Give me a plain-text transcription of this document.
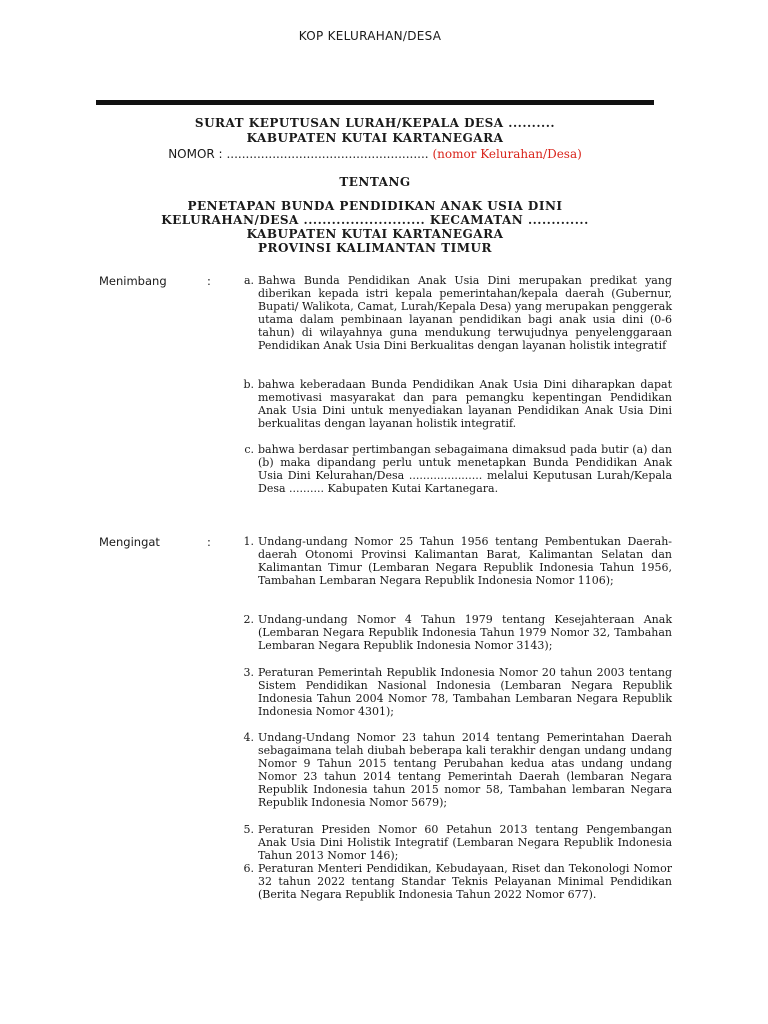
KOP KELURAHAN/DESA
SURAT KEPUTUSAN LURAH/KEPALA DESA ..........
KABUPATEN KUTAI KARTANEGARA
NOMOR : ..................................................... (nomor Kelurahan/Desa)
TENTANG
PENETAPAN BUNDA PENDIDIKAN ANAK USIA DINI
KELURAHAN/DESA .......................... KECAMATAN .............
KABUPATEN KUTAI KARTANEGARA
PROVINSI KALIMANTAN TIMUR
Menimbang	:	a. Bahwa Bunda Pendidikan Anak Usia Dini merupakan predikat yang diberikan kepada istri kepala pemerintahan/kepala daerah (Gubernur, Bupati/ Walikota, Camat, Lurah/Kepala Desa) yang merupakan penggerak utama dalam pembinaan layanan pendidikan bagi anak usia dini (0-6 tahun) di wilayahnya guna mendukung terwujudnya penyelenggaraan Pendidikan Anak Usia Dini Berkualitas dengan layanan holistik integratif
b. bahwa keberadaan Bunda Pendidikan Anak Usia Dini diharapkan dapat memotivasi masyarakat dan para pemangku kepentingan Pendidikan Anak Usia Dini untuk menyediakan layanan Pendidikan Anak Usia Dini berkualitas dengan layanan holistik integratif.
c. bahwa berdasar pertimbangan sebagaimana dimaksud pada butir (a) dan (b) maka dipandang perlu untuk menetapkan Bunda Pendidikan Anak Usia Dini Kelurahan/Desa ..................... melalui Keputusan Lurah/Kepala Desa .......... Kabupaten Kutai Kartanegara.
Mengingat	:	1. Undang-undang Nomor 25 Tahun 1956 tentang Pembentukan Daerah-daerah Otonomi Provinsi Kalimantan Barat, Kalimantan Selatan dan Kalimantan Timur (Lembaran Negara Republik Indonesia Tahun 1956, Tambahan Lembaran Negara Republik Indonesia Nomor 1106);
2. Undang-undang Nomor 4 Tahun 1979 tentang Kesejahteraan Anak (Lembaran Negara Republik Indonesia Tahun 1979 Nomor 32, Tambahan Lembaran Negara Republik Indonesia Nomor 3143);
3. Peraturan Pemerintah Republik Indonesia Nomor 20 tahun 2003 tentang Sistem Pendidikan Nasional Indonesia (Lembaran Negara Republik Indonesia Tahun 2004 Nomor 78, Tambahan Lembaran Negara Republik Indonesia Nomor 4301);
4. Undang-Undang Nomor 23 tahun 2014 tentang Pemerintahan Daerah sebagaimana telah diubah beberapa kali terakhir dengan undang undang Nomor 9 Tahun 2015 tentang Perubahan kedua atas undang undang Nomor 23 tahun 2014 tentang Pemerintah Daerah (lembaran Negara Republik Indonesia tahun 2015 nomor 58, Tambahan lembaran Negara Republik Indonesia Nomor 5679);
5. Peraturan Presiden Nomor 60 Petahun 2013 tentang Pengembangan Anak Usia Dini Holistik Integratif (Lembaran Negara Republik Indonesia Tahun 2013 Nomor 146);
6. Peraturan Menteri Pendidikan, Kebudayaan, Riset dan Tekonologi Nomor 32 tahun 2022 tentang Standar Teknis Pelayanan Minimal Pendidikan (Berita Negara Republik Indonesia Tahun 2022 Nomor 677).
